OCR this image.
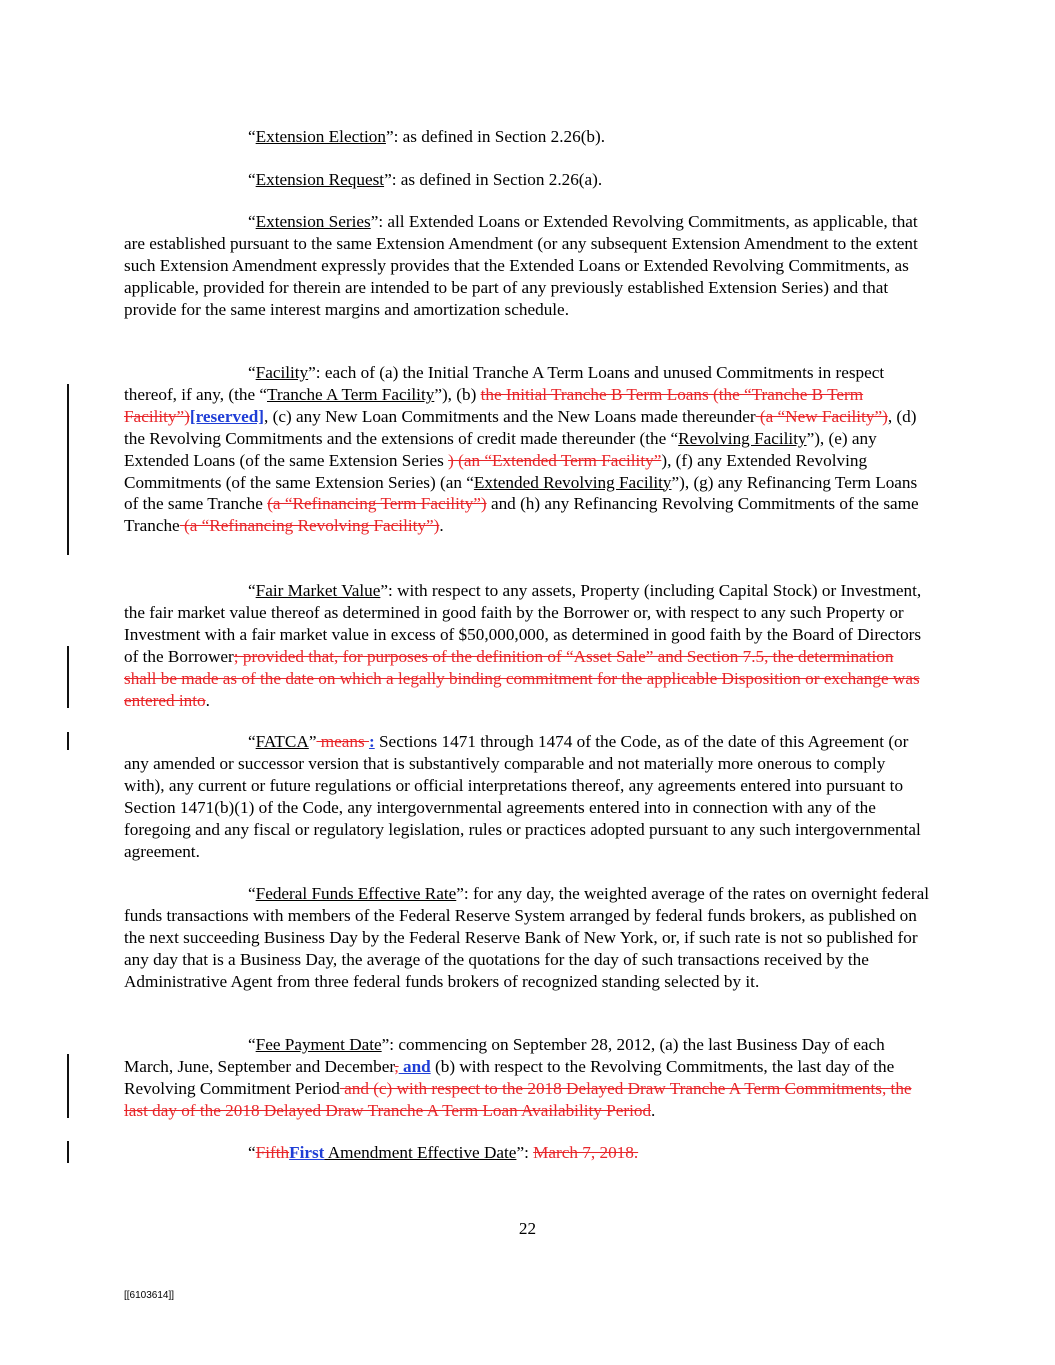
“Extension Election”: as defined in Section 2.26(b).

“Extension Request”: as defined in Section 2.26(a).

“Extension Series”: all Extended Loans or Extended Revolving Commitments, as applicable, that are established pursuant to the same Extension Amendment (or any subsequent Extension Amendment to the extent such Extension Amendment expressly provides that the Extended Loans or Extended Revolving Commitments, as applicable, provided for therein are intended to be part of any previously established Extension Series) and that provide for the same interest margins and amortization schedule.

“Facility”: each of (a) the Initial Tranche A Term Loans and unused Commitments in respect thereof, if any, (the “Tranche A Term Facility”), (b) the Initial Tranche B Term Loans (the “Tranche B Term Facility”)[reserved], (c) any New Loan Commitments and the New Loans made thereunder (a “New Facility”), (d) the Revolving Commitments and the extensions of credit made thereunder (the “Revolving Facility”), (e) any Extended Loans (of the same Extension Series ) (an “Extended Term Facility”), (f) any Extended Revolving Commitments (of the same Extension Series) (an “Extended Revolving Facility”), (g) any Refinancing Term Loans of the same Tranche (a “Refinancing Term Facility”) and (h) any Refinancing Revolving Commitments of the same Tranche (a “Refinancing Revolving Facility”).

“Fair Market Value”: with respect to any assets, Property (including Capital Stock) or Investment, the fair market value thereof as determined in good faith by the Borrower or, with respect to any such Property or Investment with a fair market value in excess of $50,000,000, as determined in good faith by the Board of Directors of the Borrower; provided that, for purposes of the definition of “Asset Sale” and Section 7.5, the determination shall be made as of the date on which a legally binding commitment for the applicable Disposition or exchange was entered into.

“FATCA” means : Sections 1471 through 1474 of the Code, as of the date of this Agreement (or any amended or successor version that is substantively comparable and not materially more onerous to comply with), any current or future regulations or official interpretations thereof, any agreements entered into pursuant to Section 1471(b)(1) of the Code, any intergovernmental agreements entered into in connection with any of the foregoing and any fiscal or regulatory legislation, rules or practices adopted pursuant to any such intergovernmental agreement.

“Federal Funds Effective Rate”: for any day, the weighted average of the rates on overnight federal funds transactions with members of the Federal Reserve System arranged by federal funds brokers, as published on the next succeeding Business Day by the Federal Reserve Bank of New York, or, if such rate is not so published for any day that is a Business Day, the average of the quotations for the day of such transactions received by the Administrative Agent from three federal funds brokers of recognized standing selected by it.

“Fee Payment Date”: commencing on September 28, 2012, (a) the last Business Day of each March, June, September and December, and (b) with respect to the Revolving Commitments, the last day of the Revolving Commitment Period and (c) with respect to the 2018 Delayed Draw Tranche A Term Commitments, the last day of the 2018 Delayed Draw Tranche A Term Loan Availability Period.

“FifthFirst Amendment Effective Date”: March 7, 2018.

22
[[6103614]]
